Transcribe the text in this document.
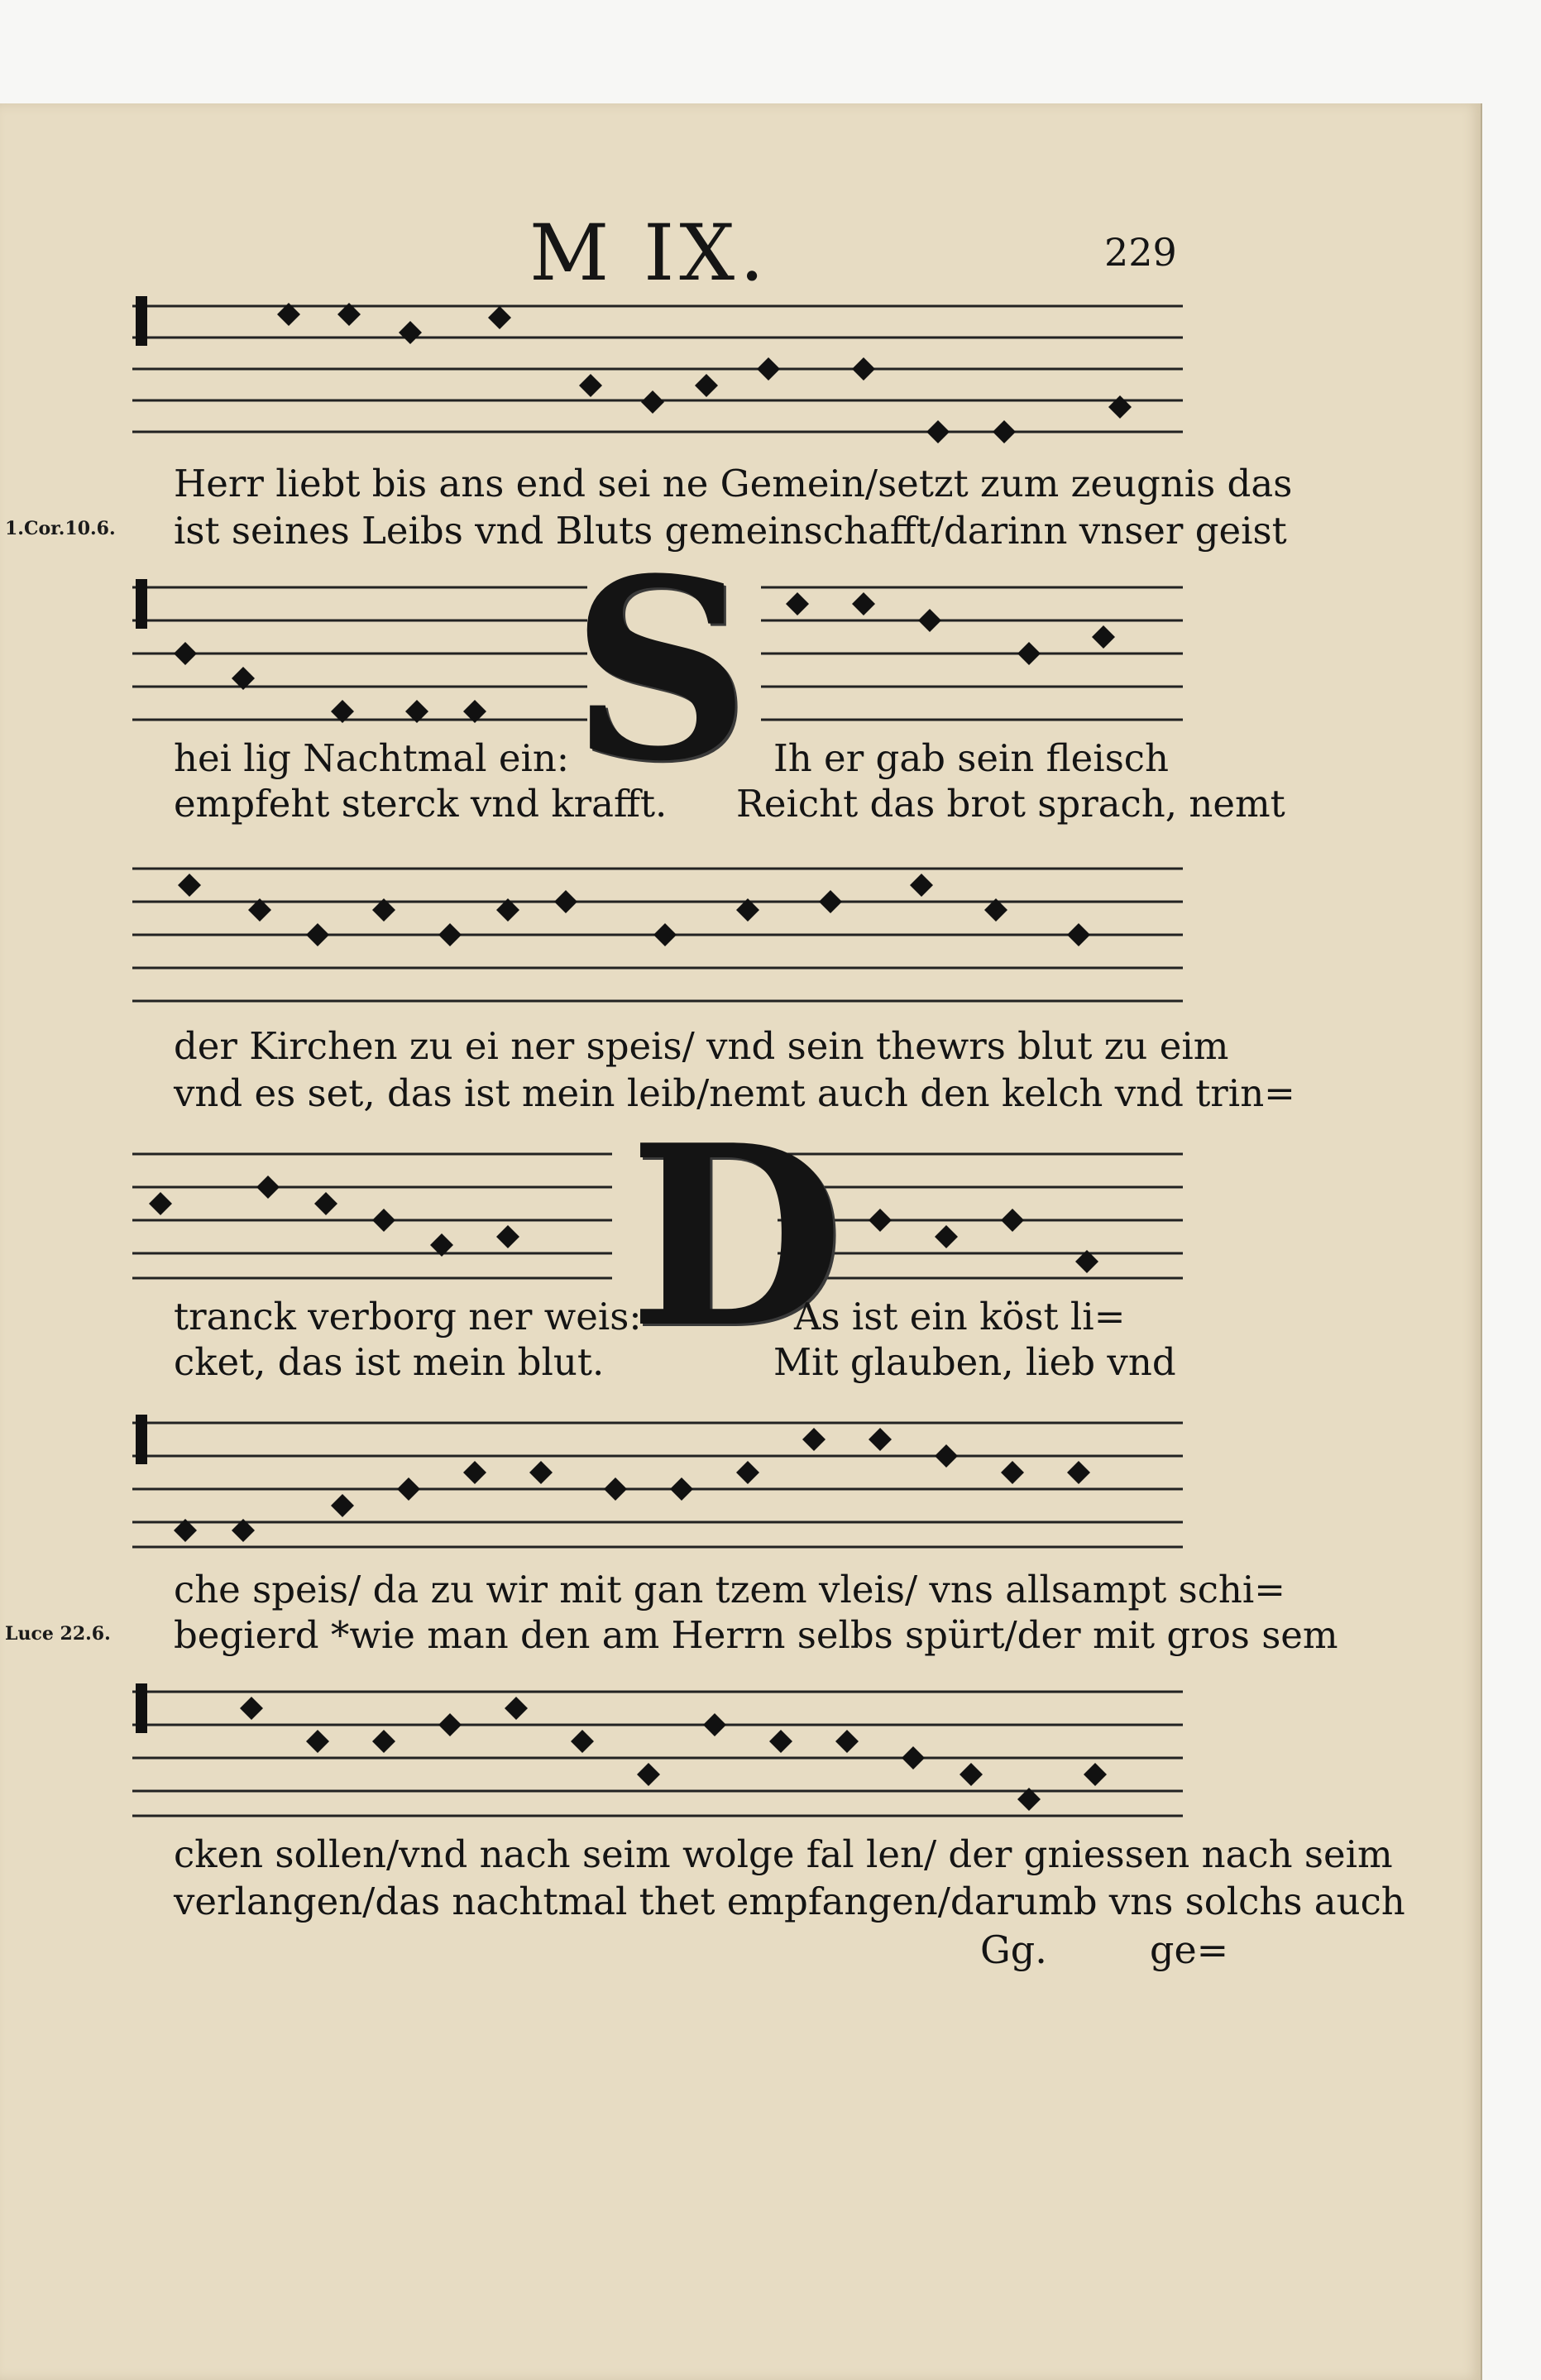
M IX.	229
Herr liebt bis ans end sei ne Gemein/setzt zum zeugnis das
1.Cor.10.6. ist seines Leibs vnd Bluts gemeinschafft/darinn vnser geist
S
hei lig Nachtmal ein:	Ih er gab sein fleisch
empfeht sterck vnd krafft. Reicht das brot sprach, nemt
der Kirchen zu ei ner speis/ vnd sein thewrs blut zu eim
vnd es set, das ist mein leib/nemt auch den kelch vnd trin=
D
tranck verborg ner weis:	As ist ein köst li=
cket, das ist mein blut.	Mit glauben, lieb vnd
che speis/ da zu wir mit gan tzem vleis/ vns allsampt schi=
Luce 22.6. begierd *wie man den am Herrn selbs spürt/der mit gros sem
cken sollen/vnd nach seim wolge fal len/ der gniessen nach seim
verlangen/das nachtmal thet empfangen/darumb vns solchs auch
Gg.	ge=
